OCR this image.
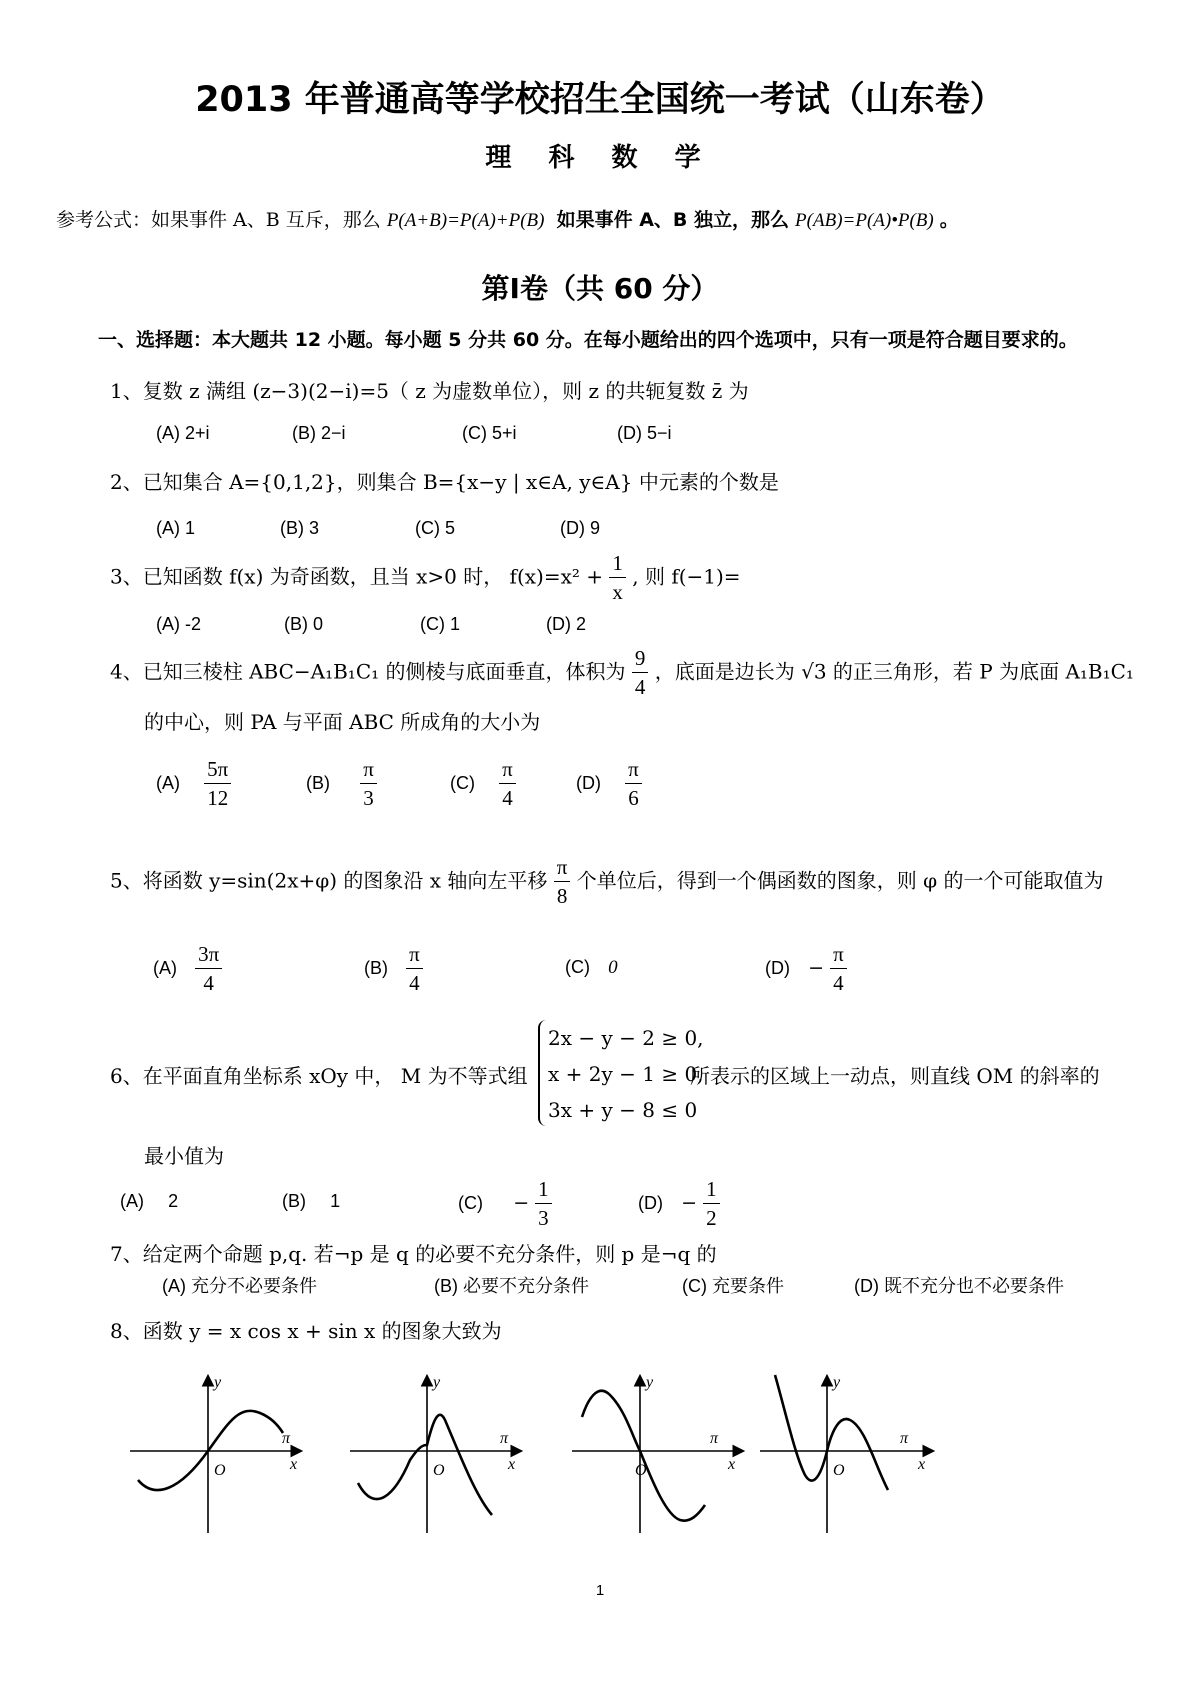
2013 年普通高等学校招生全国统一考试（山东卷）
理 科 数 学
参考公式：如果事件 A、B 互斥，那么 P(A+B)=P(A)+P(B) 如果事件 A、B 独立，那么 P(AB)=P(A)•P(B) 。
第Ⅰ卷（共 60 分）
一、选择题：本大题共 12 小题。每小题 5 分共 60 分。在每小题给出的四个选项中，只有一项是符合题目要求的。
1、复数 z 满组 (z−3)(2−i)=5（ z 为虚数单位），则 z 的共轭复数 z̄ 为
(A) 2+i	(B) 2−i	(C) 5+i	(D) 5−i
2、已知集合 A={0,1,2}，则集合 B={x−y | x∈A, y∈A} 中元素的个数是
(A) 1	(B) 3	(C) 5	(D) 9
3、已知函数 f(x) 为奇函数，且当 x>0 时， $f(x)=x^2 + \frac{1}{x}$ , 则 f(−1)=
(A) -2	(B) 0	(C) 1	(D) 2
4、已知三棱柱 ABC−A₁B₁C₁ 的侧棱与底面垂直，体积为 $\frac{9}{4}$ ，底面是边长为 √3 的正三角形，若 P 为底面 A₁B₁C₁
的中心，则 PA 与平面 ABC 所成角的大小为
$(A) \frac{5\pi}{12}$	$(B) \frac{\pi}{3}$	$(C) \frac{\pi}{4}$	$(D) \frac{\pi}{6}$
5、将函数 y=sin(2x+φ) 的图象沿 x 轴向左平移 $\frac{\pi}{8}$ 个单位后，得到一个偶函数的图象，则 φ 的一个可能取值为
$(A) \frac{3\pi}{4}$	$(B) \frac{\pi}{4}$	(C) 0	$(D) - \frac{\pi}{4}$
6、在平面直角坐标系 xOy 中， M 为不等式组
2x − y − 2 ≥ 0,
x + 2y − 1 ≥ 0,
3x + y − 8 ≤ 0
所表示的区域上一动点，则直线 OM 的斜率的
最小值为
(A) 2	(B) 1	$(C) - \frac{1}{3}$	$(D) - \frac{1}{2}$
7、给定两个命题 p,q. 若¬p 是 q 的必要不充分条件，则 p 是¬q 的
(A) 充分不必要条件	(B) 必要不充分条件	(C) 充要条件	(D) 既不充分也不必要条件
8、函数 y = x cos x + sin x 的图象大致为
y
x
O
π
y
x
O
π
y
x
O
π
y
x
O
π
1
